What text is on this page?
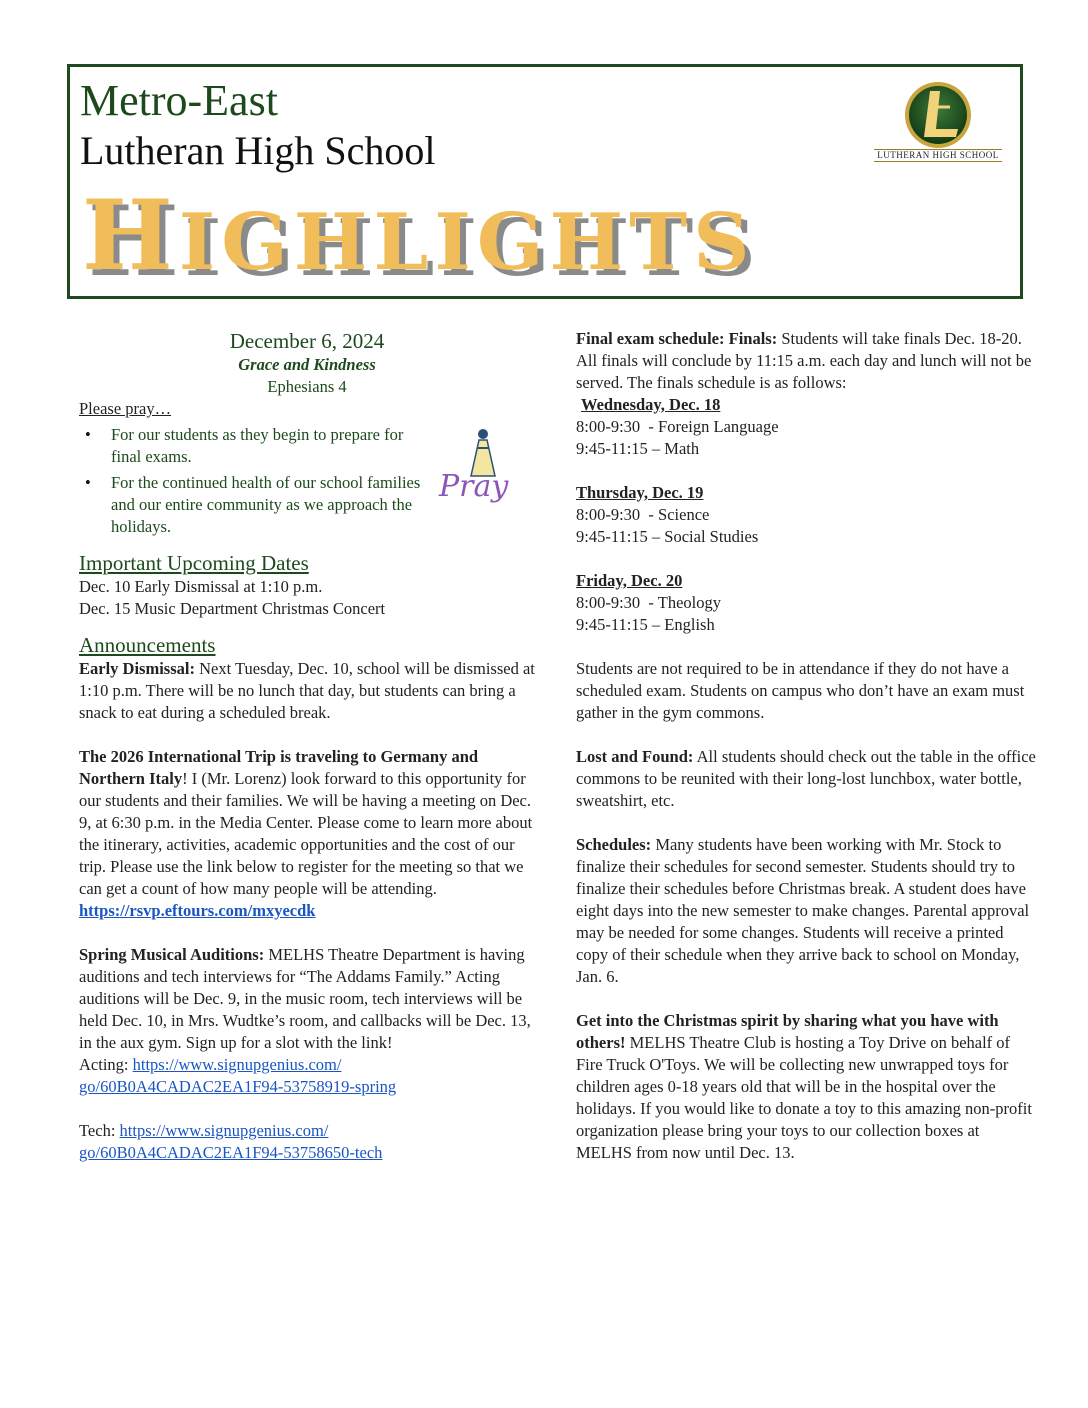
Metro-East
Lutheran High School	LUTHERAN HIGH SCHOOL
HIGHLIGHTS
December 6, 2024
Grace and Kindness
Ephesians 4
Please pray…
• For our students as they begin to prepare for final exams.
• For the continued health of our school families and our entire community as we approach the holidays.
Pray
Important Upcoming Dates
Dec. 10 Early Dismissal at 1:10 p.m.
Dec. 15 Music Department Christmas Concert
Announcements
Early Dismissal: Next Tuesday, Dec. 10, school will be dismissed at 1:10 p.m. There will be no lunch that day, but students can bring a snack to eat during a scheduled break.
The 2026 International Trip is traveling to Germany and Northern Italy! I (Mr. Lorenz) look forward to this opportunity for our students and their families. We will be having a meeting on Dec. 9, at 6:30 p.m. in the Media Center. Please come to learn more about the itinerary, activities, academic opportunities and the cost of our trip. Please use the link below to register for the meeting so that we can get a count of how many people will be attending.
https://rsvp.eftours.com/mxyecdk
Spring Musical Auditions: MELHS Theatre Department is having auditions and tech interviews for “The Addams Family.” Acting auditions will be Dec. 9, in the music room, tech interviews will be held Dec. 10, in Mrs. Wudtke’s room, and callbacks will be Dec. 13, in the aux gym. Sign up for a slot with the link!
Acting: https://www.signupgenius.com/
go/60B0A4CADAC2EA1F94-53758919-spring
Tech: https://www.signupgenius.com/
go/60B0A4CADAC2EA1F94-53758650-tech
Final exam schedule: Finals: Students will take finals Dec. 18-20. All finals will conclude by 11:15 a.m. each day and lunch will not be served. The finals schedule is as follows:
Wednesday, Dec. 18
8:00-9:30  - Foreign Language
9:45-11:15 – Math
Thursday, Dec. 19
8:00-9:30  - Science
9:45-11:15 – Social Studies
Friday, Dec. 20
8:00-9:30  - Theology
9:45-11:15 – English
Students are not required to be in attendance if they do not have a scheduled exam. Students on campus who don’t have an exam must gather in the gym commons.
Lost and Found: All students should check out the table in the office commons to be reunited with their long-lost lunchbox, water bottle, sweatshirt, etc.
Schedules: Many students have been working with Mr. Stock to finalize their schedules for second semester. Students should try to finalize their schedules before Christmas break. A student does have eight days into the new semester to make changes. Parental approval may be needed for some changes. Students will receive a printed copy of their schedule when they arrive back to school on Monday, Jan. 6.
Get into the Christmas spirit by sharing what you have with others! MELHS Theatre Club is hosting a Toy Drive on behalf of Fire Truck O'Toys. We will be collecting new unwrapped toys for children ages 0-18 years old that will be in the hospital over the holidays. If you would like to donate a toy to this amazing non-profit organization please bring your toys to our collection boxes at MELHS from now until Dec. 13.
